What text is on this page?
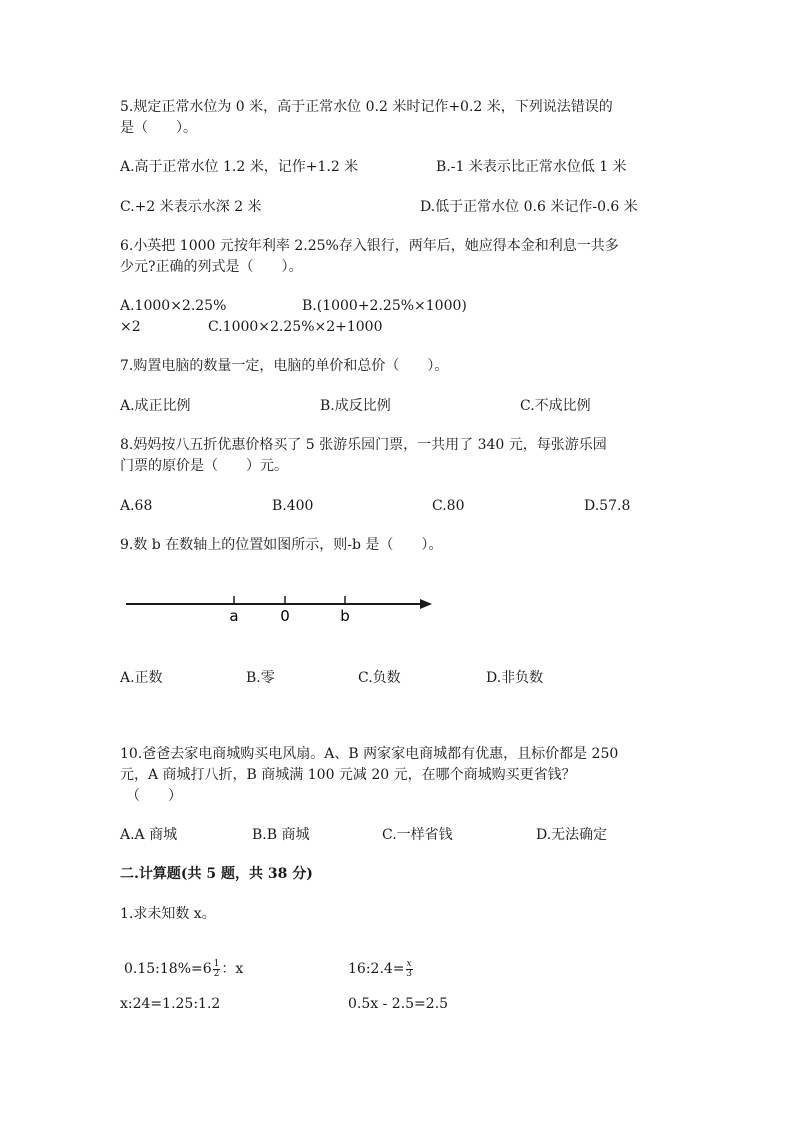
5.规定正常水位为 0 米，高于正常水位 0.2 米时记作+0.2 米，下列说法错误的
是（　　）。
A.高于正常水位 1.2 米，记作+1.2 米	B.-1 米表示比正常水位低 1 米
C.+2 米表示水深 2 米	D.低于正常水位 0.6 米记作-0.6 米
6.小英把 1000 元按年利率 2.25%存入银行，两年后，她应得本金和利息一共多
少元?正确的列式是（　　）。
A.1000×2.25%	B.(1000+2.25%×1000)
×2	C.1000×2.25%×2+1000
7.购置电脑的数量一定，电脑的单价和总价（　　）。
A.成正比例	B.成反比例	C.不成比例
8.妈妈按八五折优惠价格买了 5 张游乐园门票，一共用了 340 元，每张游乐园
门票的原价是（　　）元。
A.68	B.400	C.80	D.57.8
9.数 b 在数轴上的位置如图所示，则-b 是（　　）。
a	0	b
A.正数	B.零	C.负数	D.非负数
10.爸爸去家电商城购买电风扇。A、B 两家家电商城都有优惠，且标价都是 250
元，A 商城打八折，B 商城满 100 元减 20 元，在哪个商城购买更省钱？
（　　）
A.A 商城	B.B 商城	C.一样省钱	D.无法确定
二.计算题(共 5 题，共 38 分)
1.求未知数 x。
0.15:18%=6 $\frac{1}{2}$ ：x	16:2.4= $\frac{x}{3}$
x:24=1.25:1.2	0.5x - 2.5=2.5
